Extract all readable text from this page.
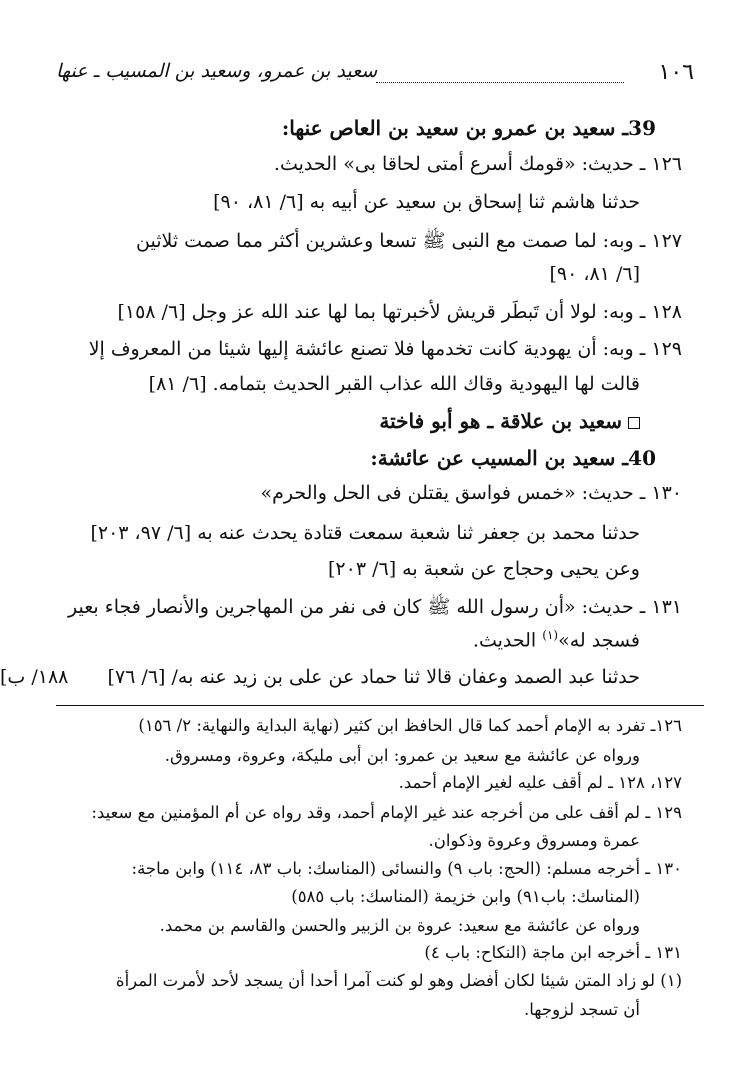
١٠٦
سعيد بن عمرو، وسعيد بن المسيب ـ عنها
39ـ سعيد بن عمرو بن سعيد بن العاص عنها:
١٢٦ ـ حديث: «قومك أسرع أمتى لحاقا بى» الحديث.
حدثنا هاشم ثنا إسحاق بن سعيد عن أبيه به [٦/ ٨١، ٩٠]
١٢٧ ـ وبه: لما صمت مع النبى ﷺ تسعا وعشرين أكثر مما صمت ثلاثين
[٦/ ٨١، ٩٠]
١٢٨ ـ وبه: لولا أن تَبطَر قريش لأخبرتها بما لها عند الله عز وجل [٦/ ١٥٨]
١٢٩ ـ وبه: أن يهودية كانت تخدمها فلا تصنع عائشة إليها شيئا من المعروف إلا
قالت لها اليهودية وقاك الله عذاب القبر الحديث بتمامه. [٦/ ٨١]
سعيد بن علاقة ـ هو أبو فاختة
40ـ سعيد بن المسيب عن عائشة:
١٣٠ ـ حديث: «خمس فواسق يقتلن فى الحل والحرم»
حدثنا محمد بن جعفر ثنا شعبة سمعت قتادة يحدث عنه به [٦/ ٩٧، ٢٠٣]
وعن يحيى وحجاج عن شعبة به [٦/ ٢٠٣]
١٣١ ـ حديث: «أن رسول الله ﷺ كان فى نفر من المهاجرين والأنصار فجاء بعير
فسجد له»$^{(١)}$ الحديث.
حدثنا عبد الصمد وعفان قالا ثنا حماد عن على بن زيد عنه به/ [٦/ ٧٦]
[١٨٨/ ب
١٢٦ـ تفرد به الإمام أحمد كما قال الحافظ ابن كثير (نهاية البداية والنهاية: ٢/ ١٥٦)
ورواه عن عائشة مع سعيد بن عمرو: ابن أبى مليكة، وعروة، ومسروق.
١٢٧، ١٢٨ ـ لم أقف عليه لغير الإمام أحمد.
١٢٩ ـ لم أقف على من أخرجه عند غير الإمام أحمد، وقد رواه عن أم المؤمنين مع سعيد:
عمرة ومسروق وعروة وذكوان.
١٣٠ ـ أخرجه مسلم: (الحج: باب ٩) والنسائى (المناسك: باب ٨٣، ١١٤) وابن ماجة:
(المناسك: باب٩١) وابن خزيمة (المناسك: باب ٥٨٥)
ورواه عن عائشة مع سعيد: عروة بن الزبير والحسن والقاسم بن محمد.
١٣١ ـ أخرجه ابن ماجة (النكاح: باب ٤)
(١) لو زاد المتن شيئا لكان أفضل وهو لو كنت آمرا أحدا أن يسجد لأحد لأمرت المرأة
أن تسجد لزوجها.
